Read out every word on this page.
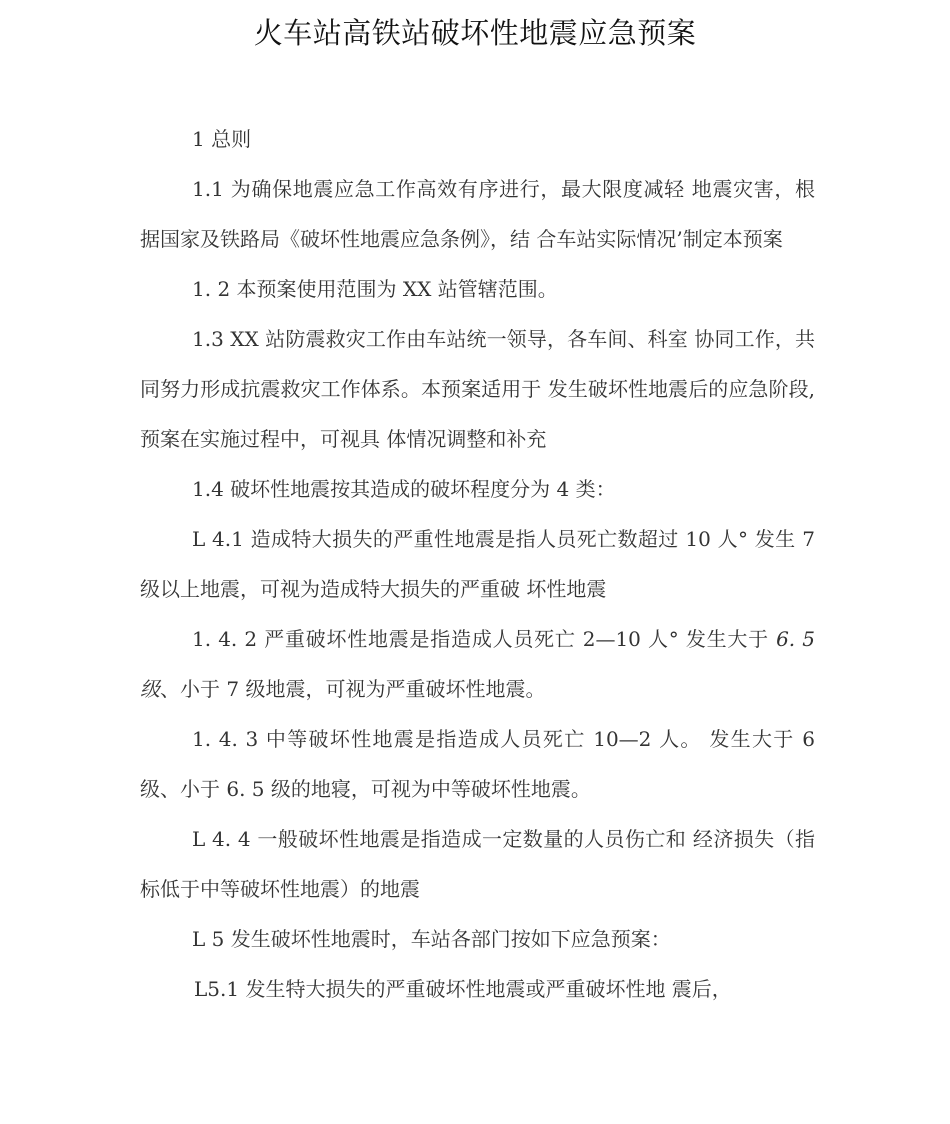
火车站高铁站破坏性地震应急预案

1 总则

1.1 为确保地震应急工作高效有序进行，最大限度减轻 地震灾害，根据国家及铁路局《破坏性地震应急条例》，结 合车站实际情况’制定本预案

1. 2 本预案使用范围为 XX 站管辖范围。

1.3 XX 站防震救灾工作由车站统一领导，各车间、科室 协同工作，共同努力形成抗震救灾工作体系。本预案适用于 发生破坏性地震后的应急阶段, 预案在实施过程中，可视具 体情况调整和补充

1.4 破坏性地震按其造成的破坏程度分为 4 类：

L 4.1 造成特大损失的严重性地震是指人员死亡数超过 10 人° 发生 7 级以上地震，可视为造成特大损失的严重破 坏性地震

1. 4. 2 严重破坏性地震是指造成人员死亡 2—10 人° 发生大于 6. 5 级、小于 7 级地震，可视为严重破坏性地震。

1. 4. 3 中等破坏性地震是指造成人员死亡 10—2 人。 发生大于 6 级、小于 6. 5 级的地寝，可视为中等破坏性地震。

L 4. 4 一般破坏性地震是指造成一定数量的人员伤亡和 经济损失（指标低于中等破坏性地震）的地震

L 5 发生破坏性地震时，车站各部门按如下应急预案：

L5.1 发生特大损失的严重破坏性地震或严重破坏性地 震后，
